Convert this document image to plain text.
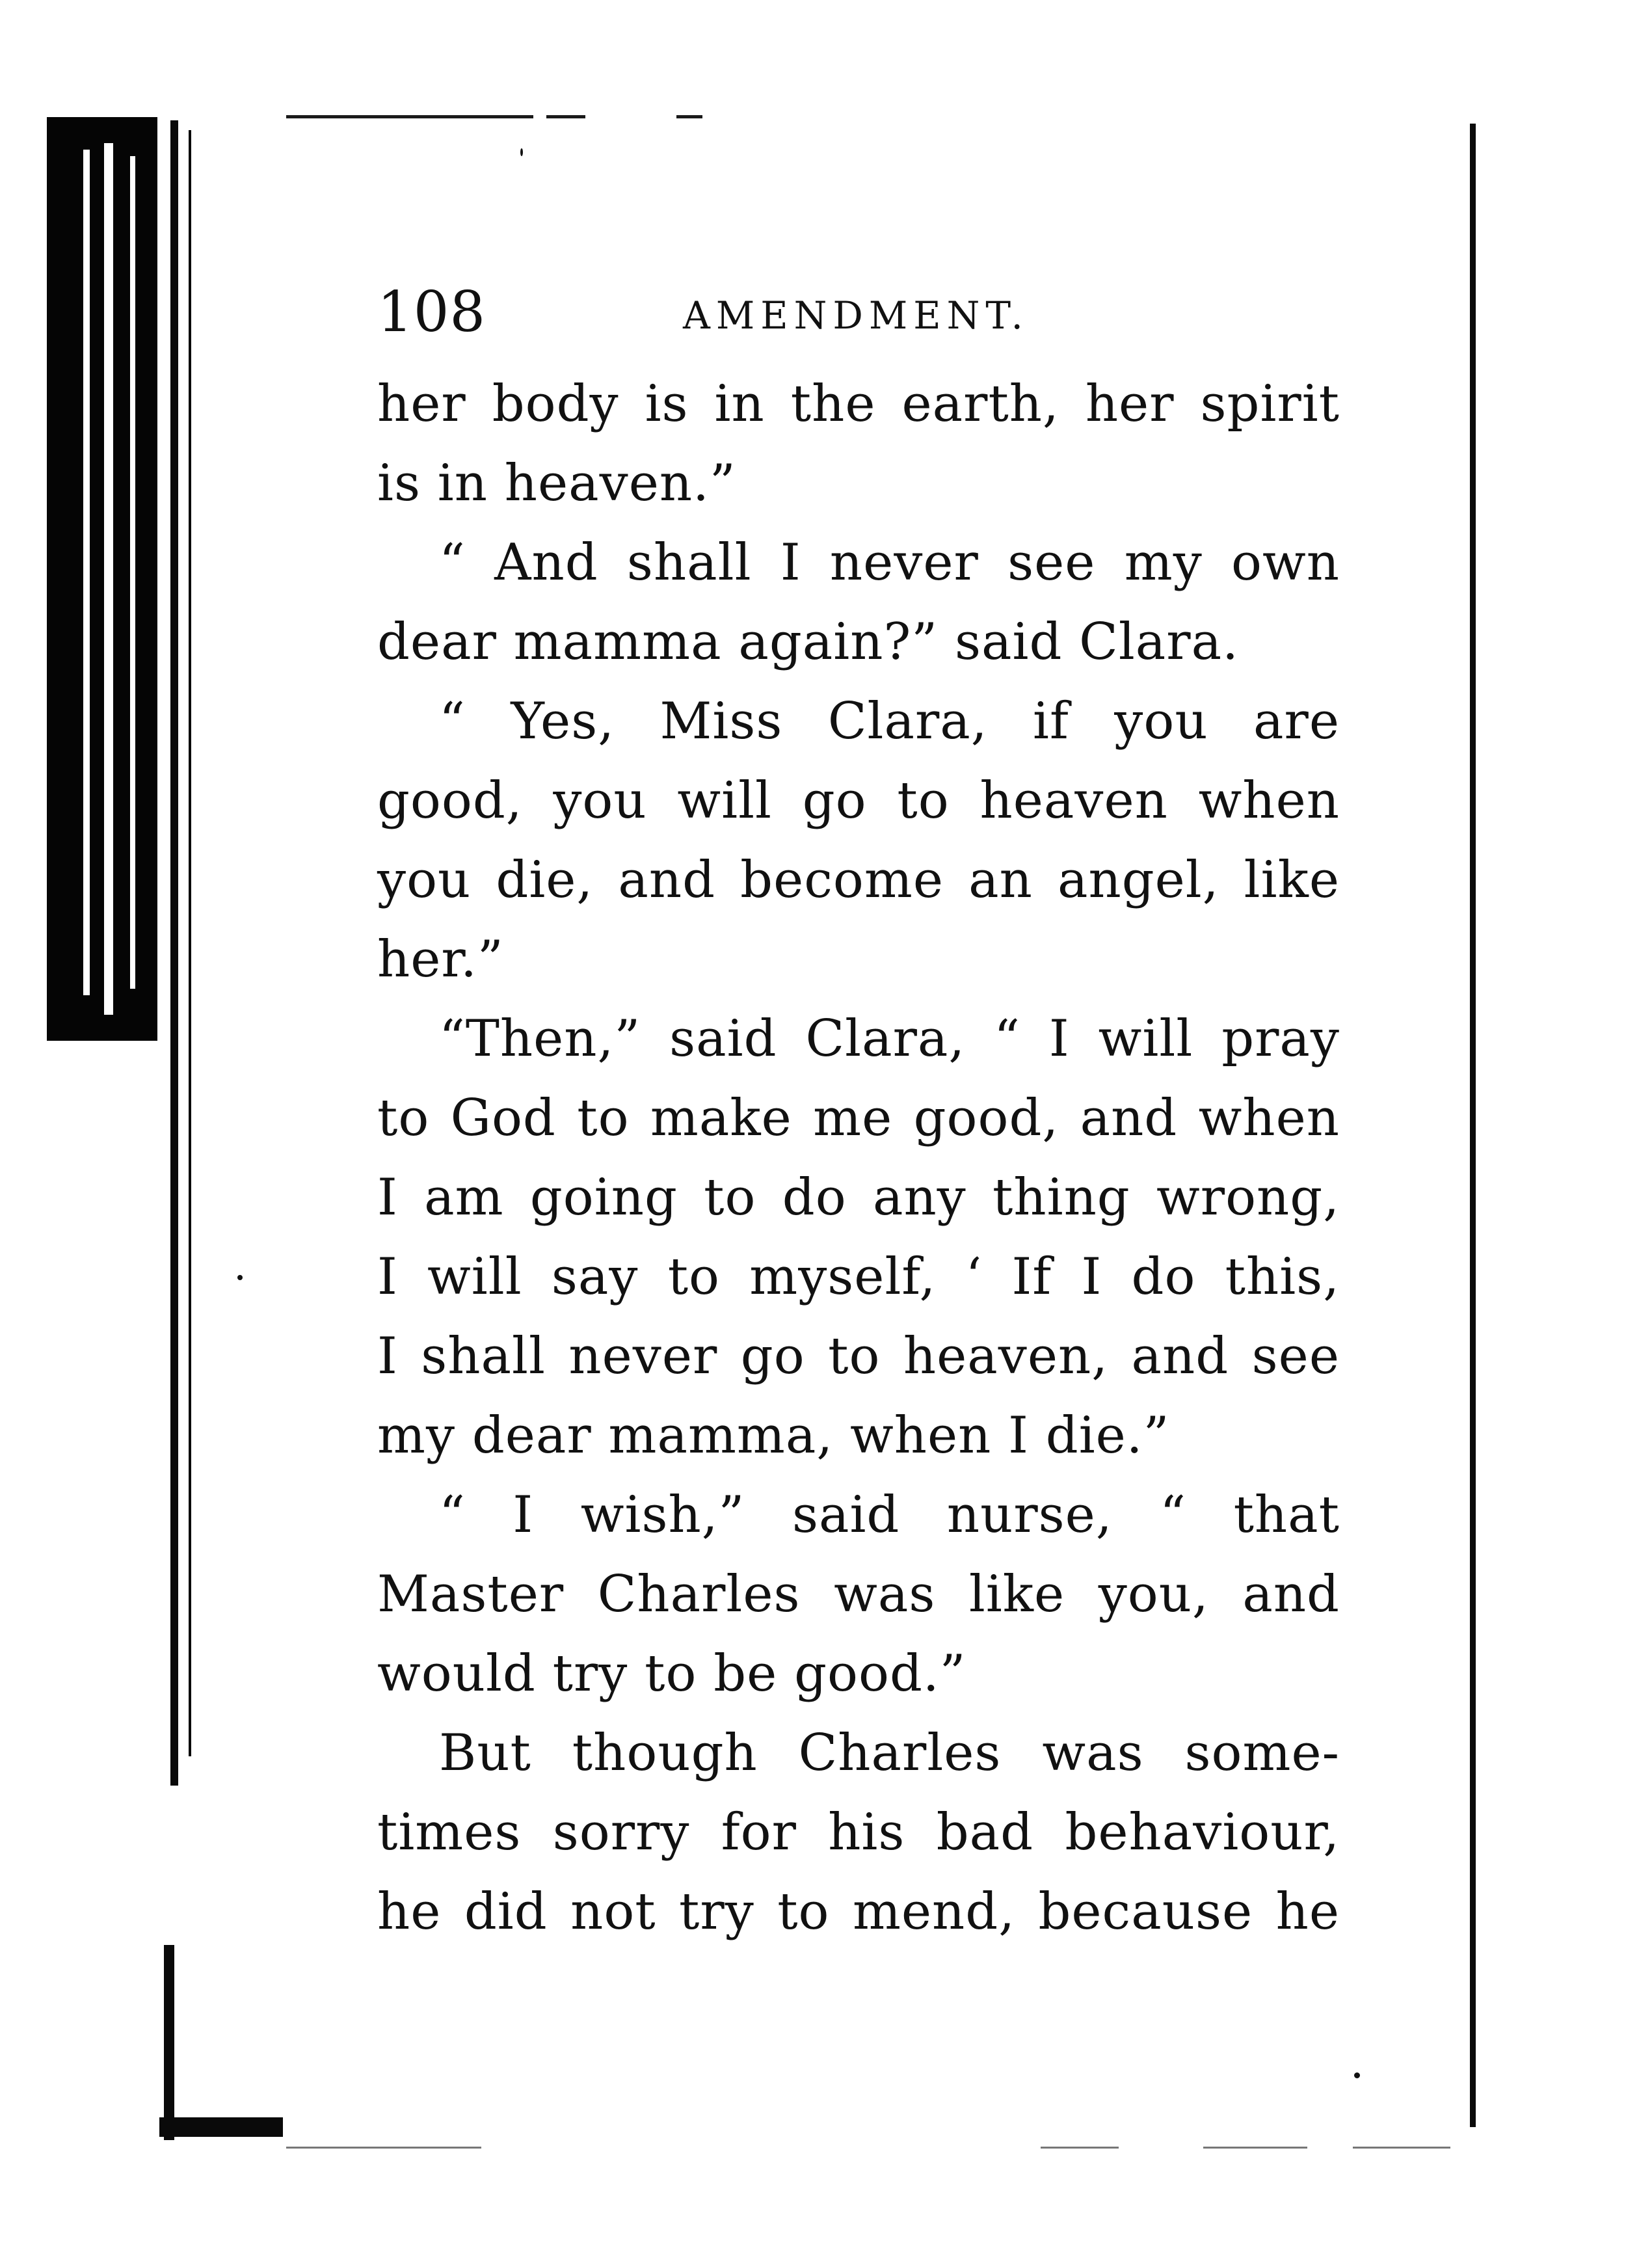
108	AMENDMENT.
her body is in the earth, her spirit
is in heaven.”
“ And shall I never see my own
dear mamma again?” said Clara.
“ Yes, Miss Clara, if you are
good, you will go to heaven when
you die, and become an angel, like
her.”
“Then,” said Clara, “ I will pray
to God to make me good, and when
I am going to do any thing wrong,
I will say to myself, ‘ If I do this,
I shall never go to heaven, and see
my dear mamma, when I die.”
“ I wish,” said nurse, “ that
Master Charles was like you, and
would try to be good.”
But though Charles was some-
times sorry for his bad behaviour,
he did not try to mend, because he
